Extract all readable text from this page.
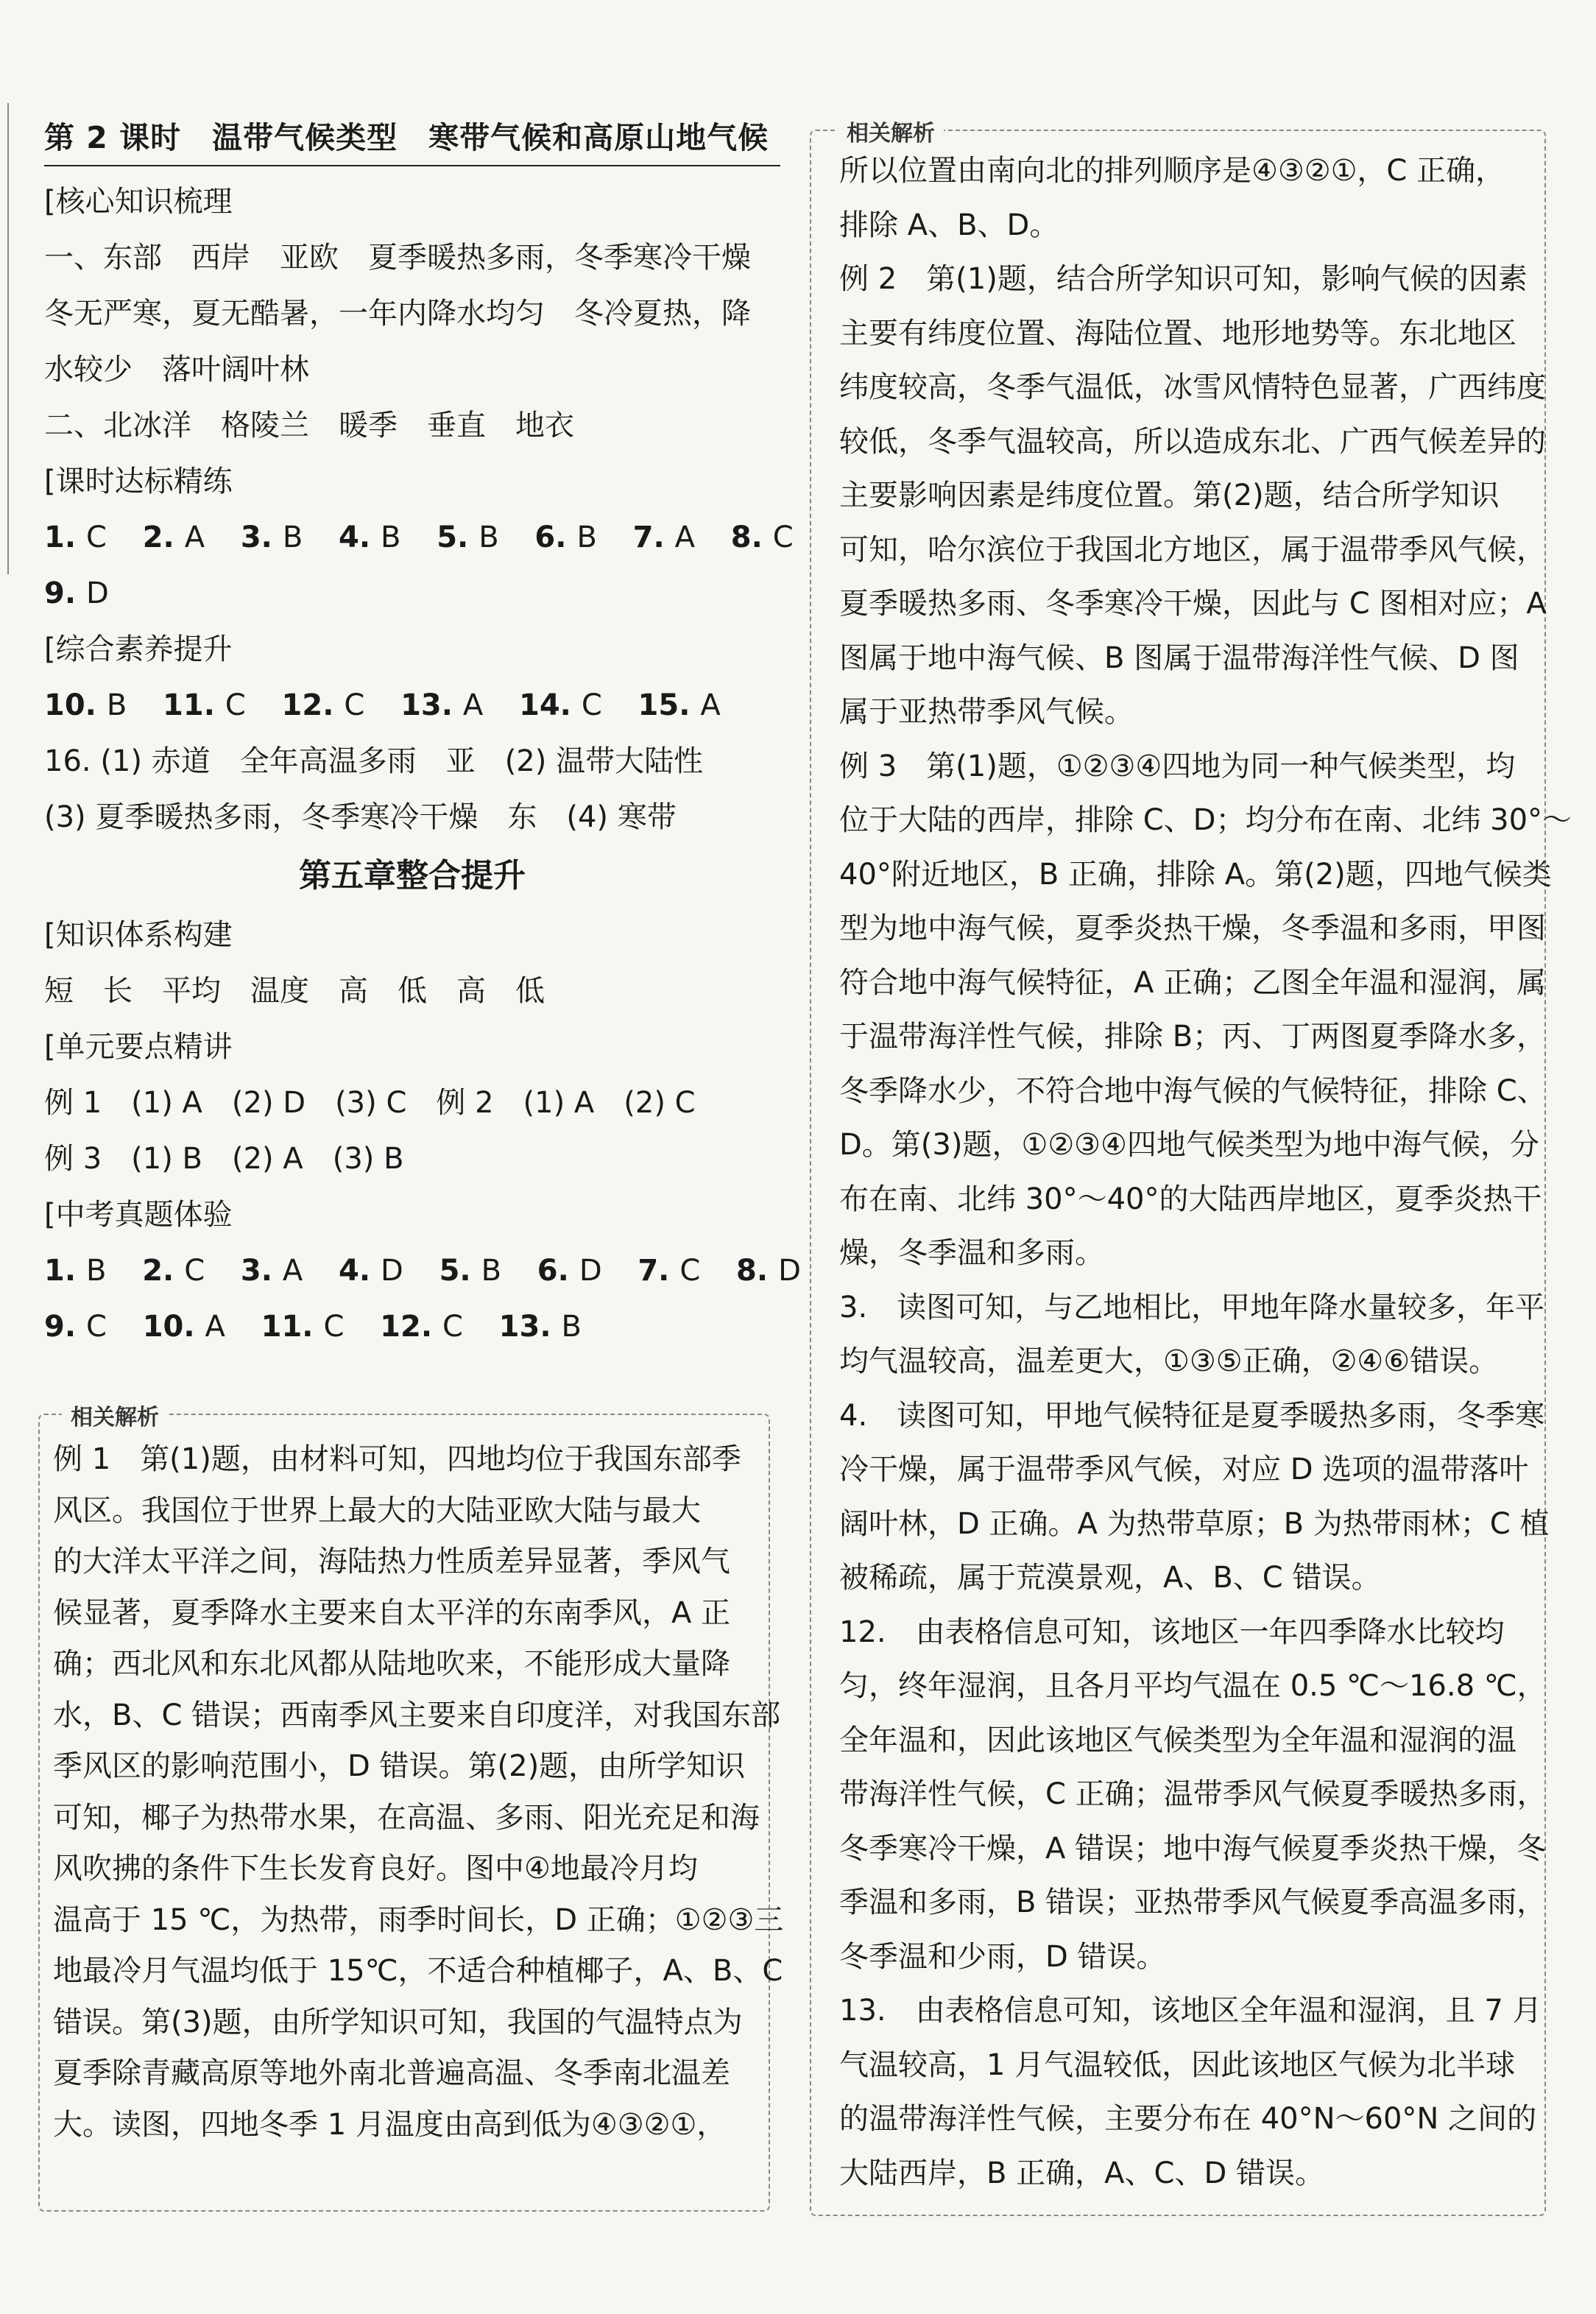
第 2 课时　温带气候类型　寒带气候和高原山地气候
[核心知识梳理
一、东部　西岸　亚欧　夏季暖热多雨，冬季寒冷干燥
冬无严寒，夏无酷暑，一年内降水均匀　冬冷夏热，降
水较少　落叶阔叶林
二、北冰洋　格陵兰　暖季　垂直　地衣
[课时达标精练
1. C 2. A 3. B 4. B 5. B 6. B 7. A 8. C
9. D
[综合素养提升
10. B 11. C 12. C 13. A 14. C 15. A
16. (1) 赤道　全年高温多雨　亚　(2) 温带大陆性
(3) 夏季暖热多雨，冬季寒冷干燥　东　(4) 寒带
第五章整合提升
[知识体系构建
短　长　平均　温度　高　低　高　低
[单元要点精讲
例 1　(1) A　(2) D　(3) C　例 2　(1) A　(2) C
例 3　(1) B　(2) A　(3) B
[中考真题体验
1. B 2. C 3. A 4. D 5. B 6. D 7. C 8. D
9. C 10. A 11. C 12. C 13. B
相关解析
例 1　第(1)题，由材料可知，四地均位于我国东部季
风区。我国位于世界上最大的大陆亚欧大陆与最大
的大洋太平洋之间，海陆热力性质差异显著，季风气
候显著，夏季降水主要来自太平洋的东南季风，A 正
确；西北风和东北风都从陆地吹来，不能形成大量降
水，B、C 错误；西南季风主要来自印度洋，对我国东部
季风区的影响范围小，D 错误。第(2)题，由所学知识
可知，椰子为热带水果，在高温、多雨、阳光充足和海
风吹拂的条件下生长发育良好。图中④地最冷月均
温高于 15 ℃，为热带，雨季时间长，D 正确；①②③三
地最冷月气温均低于 15℃，不适合种植椰子，A、B、C
错误。第(3)题，由所学知识可知，我国的气温特点为
夏季除青藏高原等地外南北普遍高温、冬季南北温差
大。读图，四地冬季 1 月温度由高到低为④③②①，
相关解析
所以位置由南向北的排列顺序是④③②①，C 正确，
排除 A、B、D。
例 2　第(1)题，结合所学知识可知，影响气候的因素
主要有纬度位置、海陆位置、地形地势等。东北地区
纬度较高，冬季气温低，冰雪风情特色显著，广西纬度
较低，冬季气温较高，所以造成东北、广西气候差异的
主要影响因素是纬度位置。第(2)题，结合所学知识
可知，哈尔滨位于我国北方地区，属于温带季风气候，
夏季暖热多雨、冬季寒冷干燥，因此与 C 图相对应；A
图属于地中海气候、B 图属于温带海洋性气候、D 图
属于亚热带季风气候。
例 3　第(1)题，①②③④四地为同一种气候类型，均
位于大陆的西岸，排除 C、D；均分布在南、北纬 30°～
40°附近地区，B 正确，排除 A。第(2)题，四地气候类
型为地中海气候，夏季炎热干燥，冬季温和多雨，甲图
符合地中海气候特征，A 正确；乙图全年温和湿润，属
于温带海洋性气候，排除 B；丙、丁两图夏季降水多，
冬季降水少，不符合地中海气候的气候特征，排除 C、
D。第(3)题，①②③④四地气候类型为地中海气候，分
布在南、北纬 30°～40°的大陆西岸地区，夏季炎热干
燥，冬季温和多雨。
3.　读图可知，与乙地相比，甲地年降水量较多，年平
均气温较高，温差更大，①③⑤正确，②④⑥错误。
4.　读图可知，甲地气候特征是夏季暖热多雨，冬季寒
冷干燥，属于温带季风气候，对应 D 选项的温带落叶
阔叶林，D 正确。A 为热带草原；B 为热带雨林；C 植
被稀疏，属于荒漠景观，A、B、C 错误。
12.　由表格信息可知，该地区一年四季降水比较均
匀，终年湿润，且各月平均气温在 0.5 ℃～16.8 ℃，
全年温和，因此该地区气候类型为全年温和湿润的温
带海洋性气候，C 正确；温带季风气候夏季暖热多雨，
冬季寒冷干燥，A 错误；地中海气候夏季炎热干燥，冬
季温和多雨，B 错误；亚热带季风气候夏季高温多雨，
冬季温和少雨，D 错误。
13.　由表格信息可知，该地区全年温和湿润，且 7 月
气温较高，1 月气温较低，因此该地区气候为北半球
的温带海洋性气候，主要分布在 40°N～60°N 之间的
大陆西岸，B 正确，A、C、D 错误。
